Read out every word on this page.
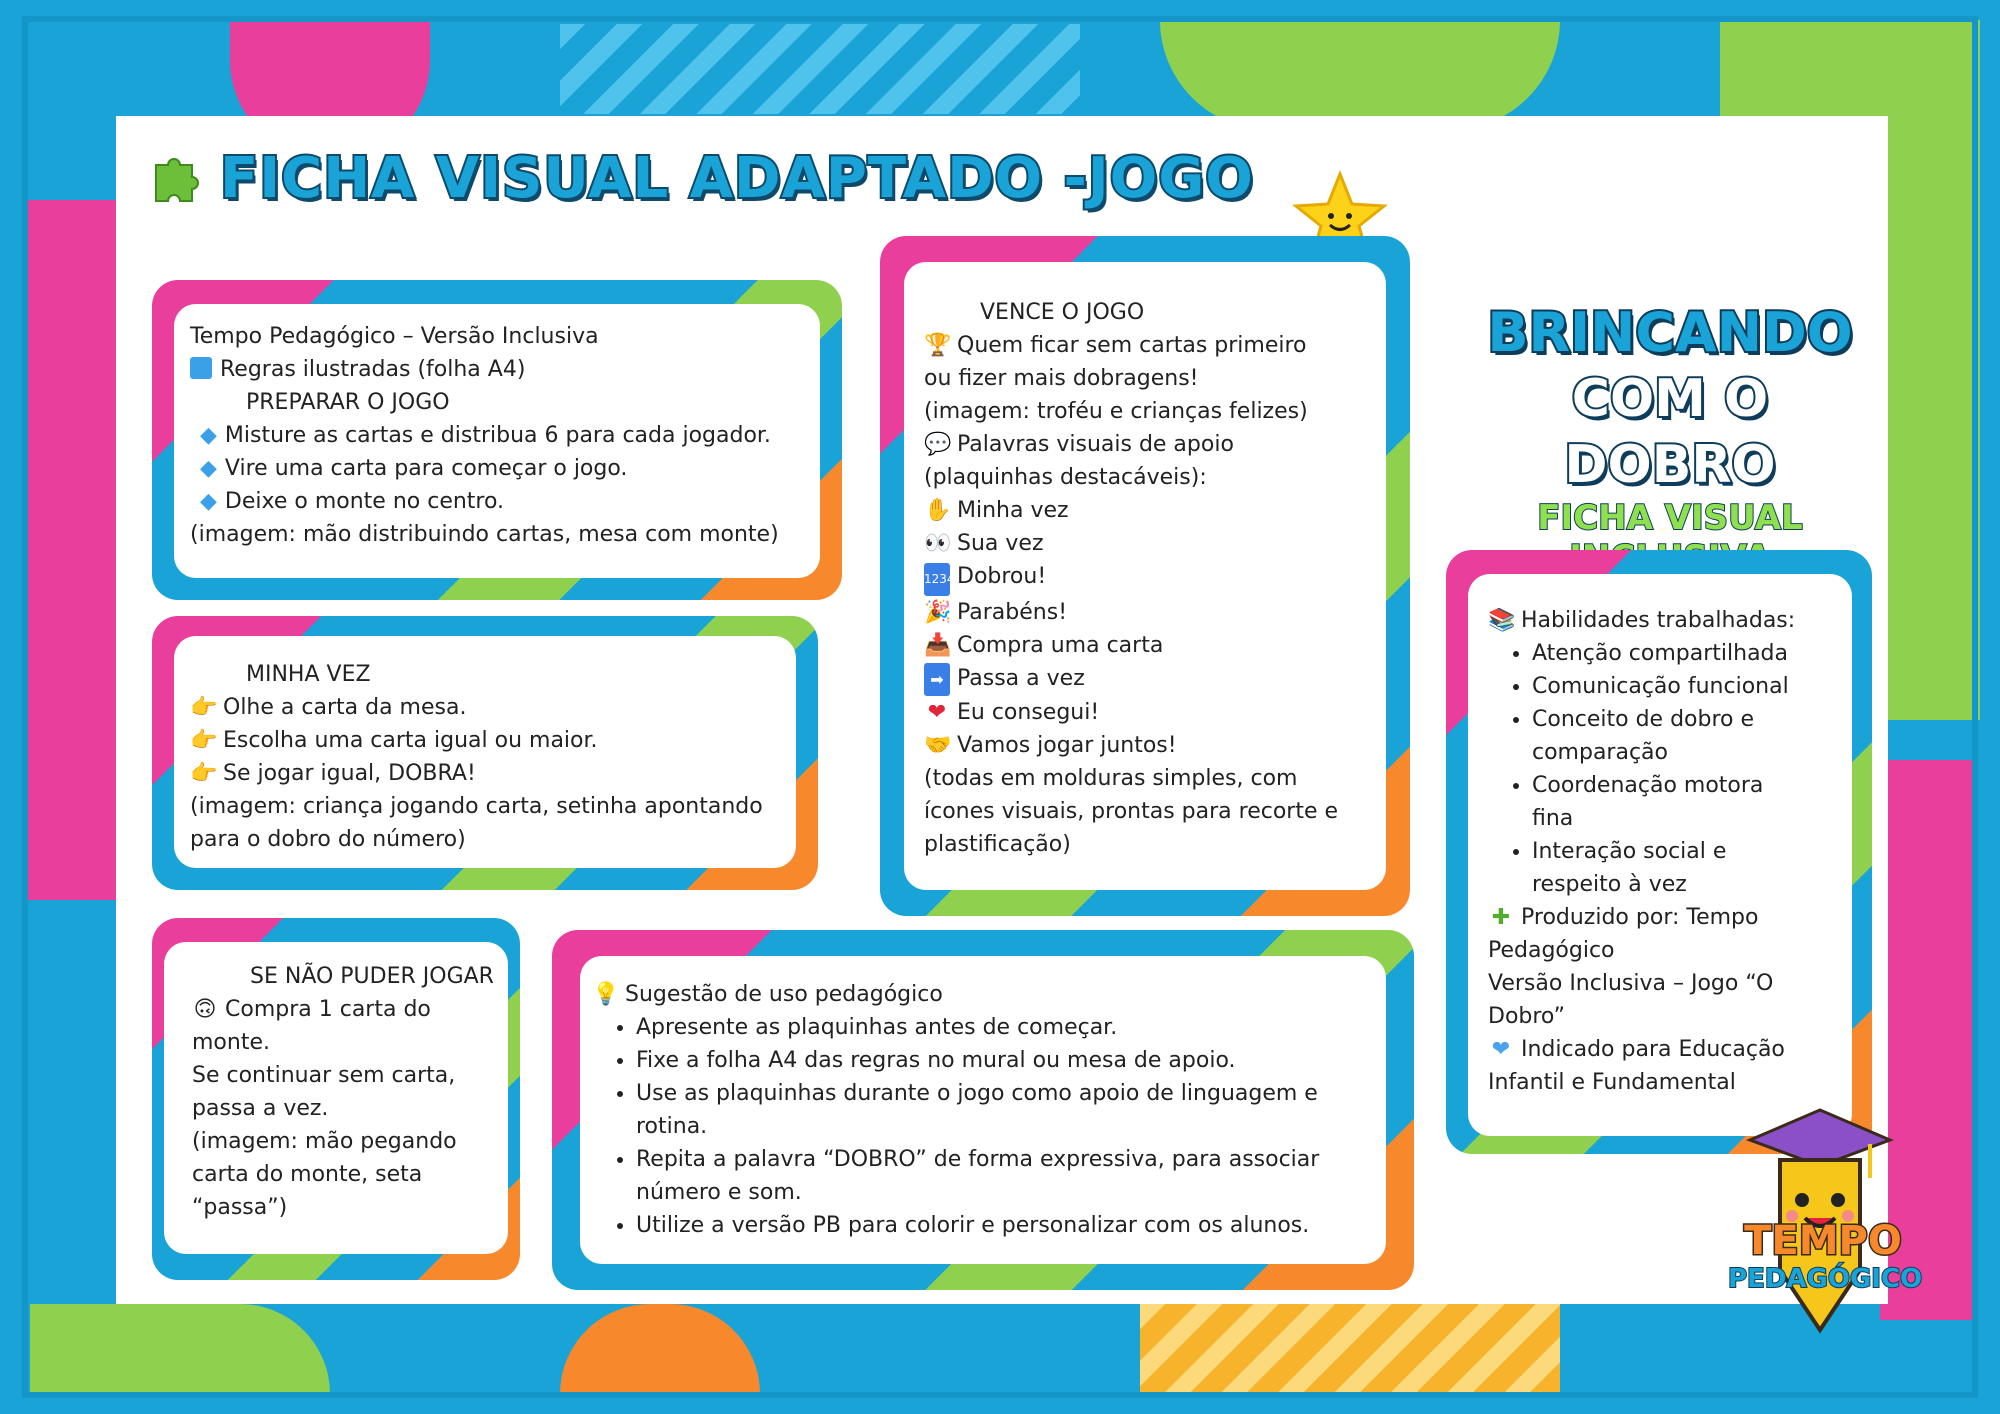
FICHA VISUAL ADAPTADO -JOGO
BRINCANDO
COM O DOBRO
FICHA VISUAL
Tempo Pedagógico – Versão Inclusiva
Regras ilustradas (folha A4)
PREPARAR O JOGO
◆ Misture as cartas e distribua 6 para cada jogador.
◆ Vire uma carta para começar o jogo.
◆ Deixe o monte no centro.
(imagem: mão distribuindo cartas, mesa com monte)
MINHA VEZ
👉 Olhe a carta da mesa.
👉 Escolha uma carta igual ou maior.
👉 Se jogar igual, DOBRA!
(imagem: criança jogando carta, setinha apontando
para o dobro do número)
SE NÃO PUDER JOGAR
🙃 Compra 1 carta do
monte.
Se continuar sem carta,
passa a vez.
(imagem: mão pegando
carta do monte, seta
“passa”)
VENCE O JOGO
🏆 Quem ficar sem cartas primeiro
ou fizer mais dobragens!
(imagem: troféu e crianças felizes)
💬 Palavras visuais de apoio
(plaquinhas destacáveis):
✋ Minha vez
👀 Sua vez
1234 Dobrou!
🎉 Parabéns!
📥 Compra uma carta
➡ Passa a vez
❤ Eu consegui!
🤝 Vamos jogar juntos!
(todas em molduras simples, com
ícones visuais, prontas para recorte e
plastificação)
💡 Sugestão de uso pedagógico
• Apresente as plaquinhas antes de começar.
• Fixe a folha A4 das regras no mural ou mesa de apoio.
• Use as plaquinhas durante o jogo como apoio de linguagem e
rotina.
• Repita a palavra “DOBRO” de forma expressiva, para associar
número e som.
• Utilize a versão PB para colorir e personalizar com os alunos.
📚 Habilidades trabalhadas:
• Atenção compartilhada
• Comunicação funcional
• Conceito de dobro e
comparação
• Coordenação motora
fina
• Interação social e
respeito à vez
✚ Produzido por: Tempo
Pedagógico
Versão Inclusiva – Jogo “O
Dobro”
❤ Indicado para Educação
Infantil e Fundamental
TEMPO
PEDAGÓGICO
